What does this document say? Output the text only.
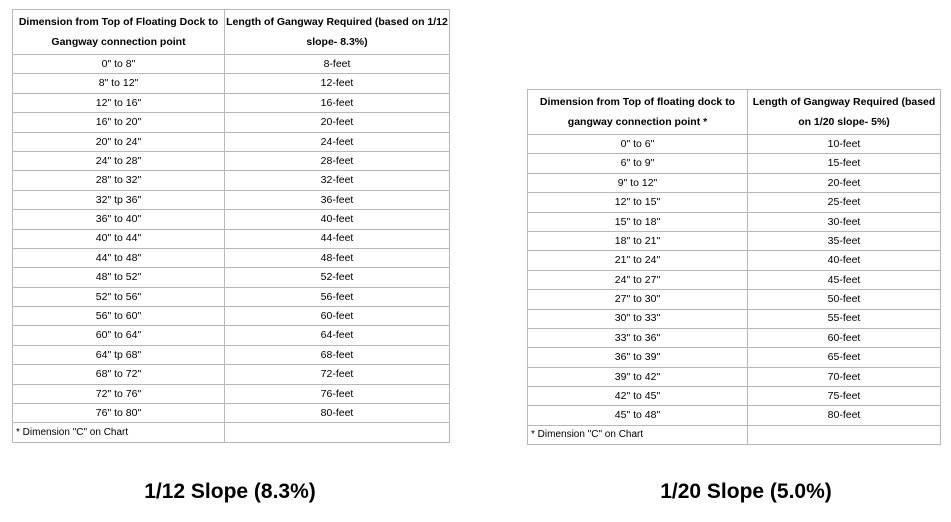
Dimension from Top of Floating Dock to Gangway connection point	Length of Gangway Required (based on 1/12 slope- 8.3%)
0" to 8"	8-feet
8" to 12"	12-feet
12" to 16"	16-feet
16" to 20"	20-feet
20" to 24"	24-feet
24" to 28"	28-feet
28" to 32"	32-feet
32" tp 36"	36-feet
36" to 40"	40-feet
40" to 44"	44-feet
44" to 48"	48-feet
48" to 52"	52-feet
52" to 56"	56-feet
56" to 60"	60-feet
60" to 64"	64-feet
64" tp 68"	68-feet
68" to 72"	72-feet
72" to 76"	76-feet
76" to 80"	80-feet
* Dimension "C" on Chart	
Dimension from Top of floating dock to gangway connection point *	Length of Gangway Required (based on 1/20 slope- 5%)
0" to 6"	10-feet
6" to 9"	15-feet
9" to 12"	20-feet
12" to 15"	25-feet
15" to 18"	30-feet
18" to 21"	35-feet
21" to 24"	40-feet
24" to 27"	45-feet
27" to 30"	50-feet
30" to 33"	55-feet
33" to 36"	60-feet
36" to 39"	65-feet
39" to 42"	70-feet
42" to 45"	75-feet
45" to 48"	80-feet
* Dimension "C" on Chart	
1/12 Slope (8.3%)	1/20 Slope (5.0%)
